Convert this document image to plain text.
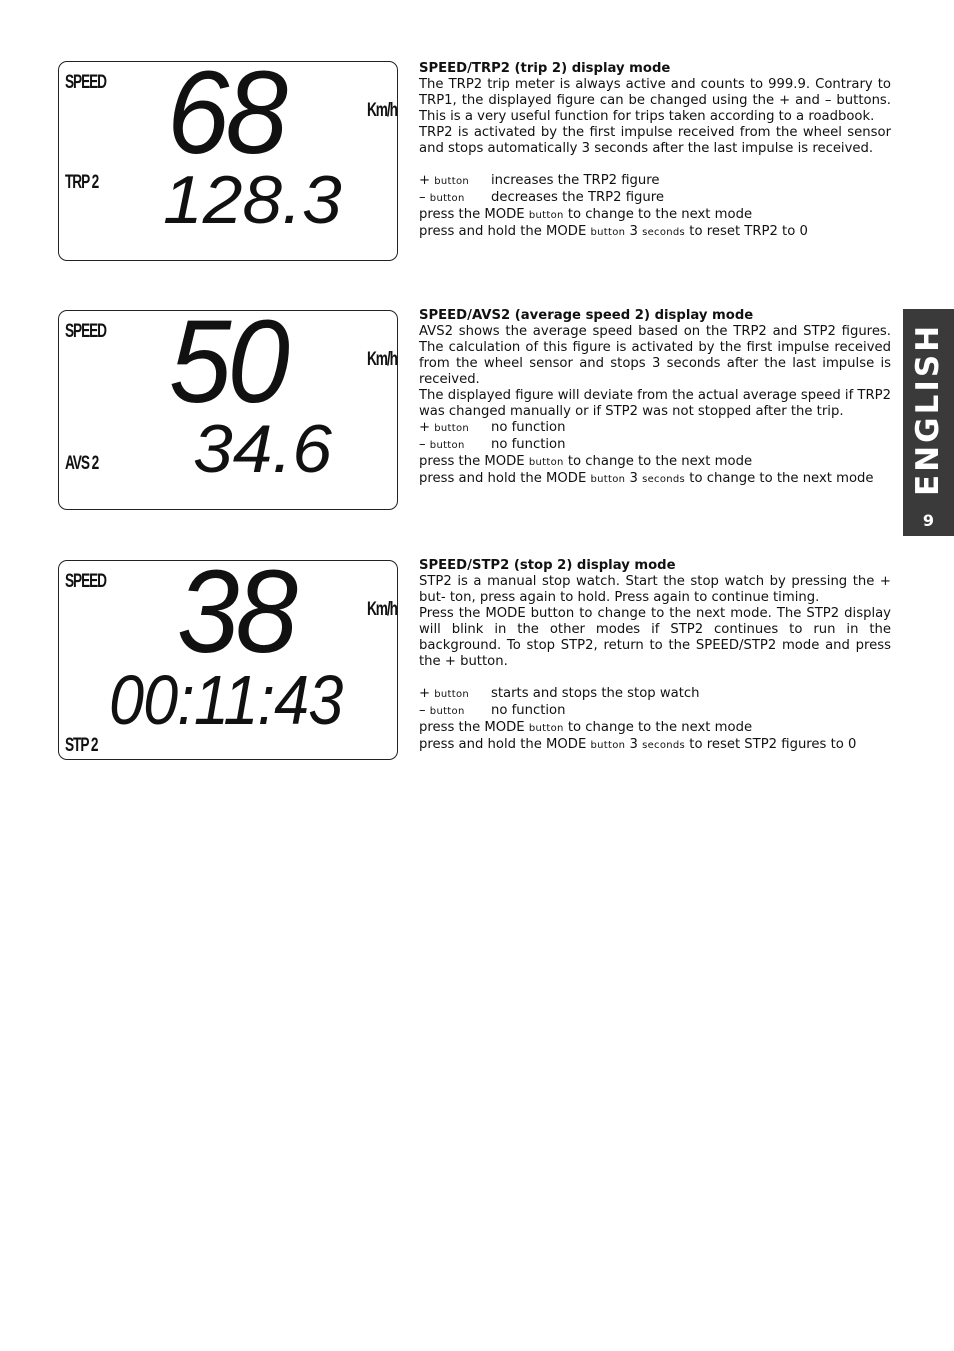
SPEED 68	Km/h
TRP 2 128.3
SPEED 50	Km/h
AVS 2 34.6
SPEED 38	Km/h
00:11:43
STP 2
SPEED/TRP2 (trip 2) display mode

The TRP2 trip meter is always active and counts to 999.9. Contrary to TRP1, the displayed figure can be changed using the + and – buttons. This is a very useful function for trips taken according to a roadbook.

TRP2 is activated by the first impulse received from the wheel sensor and stops automatically 3 seconds after the last impulse is received.

+ button	increases the TRP2 figure
– button	decreases the TRP2 figure
press the MODE button to change to the next mode
press and hold the MODE button 3 seconds to reset TRP2 to 0
SPEED/AVS2 (average speed 2) display mode

AVS2 shows the average speed based on the TRP2 and STP2 figures. The calculation of this figure is activated by the first impulse received from the wheel sensor and stops 3 seconds after the last impulse is received.

The displayed figure will deviate from the actual average speed if TRP2 was changed manually or if STP2 was not stopped after the trip.

+ button	no function
– button	no function
press the MODE button to change to the next mode
press and hold the MODE button 3 seconds to change to the next mode
SPEED/STP2 (stop 2) display mode

STP2 is a manual stop watch. Start the stop watch by pressing the + but- ton, press again to hold. Press again to continue timing.

Press the MODE button to change to the next mode. The STP2 display will blink in the other modes if STP2 continues to run in the background. To stop STP2, return to the SPEED/STP2 mode and press the + button.

+ button	starts and stops the stop watch
– button	no function
press the MODE button to change to the next mode
press and hold the MODE button 3 seconds to reset STP2 figures to 0
ENGLISH
9
